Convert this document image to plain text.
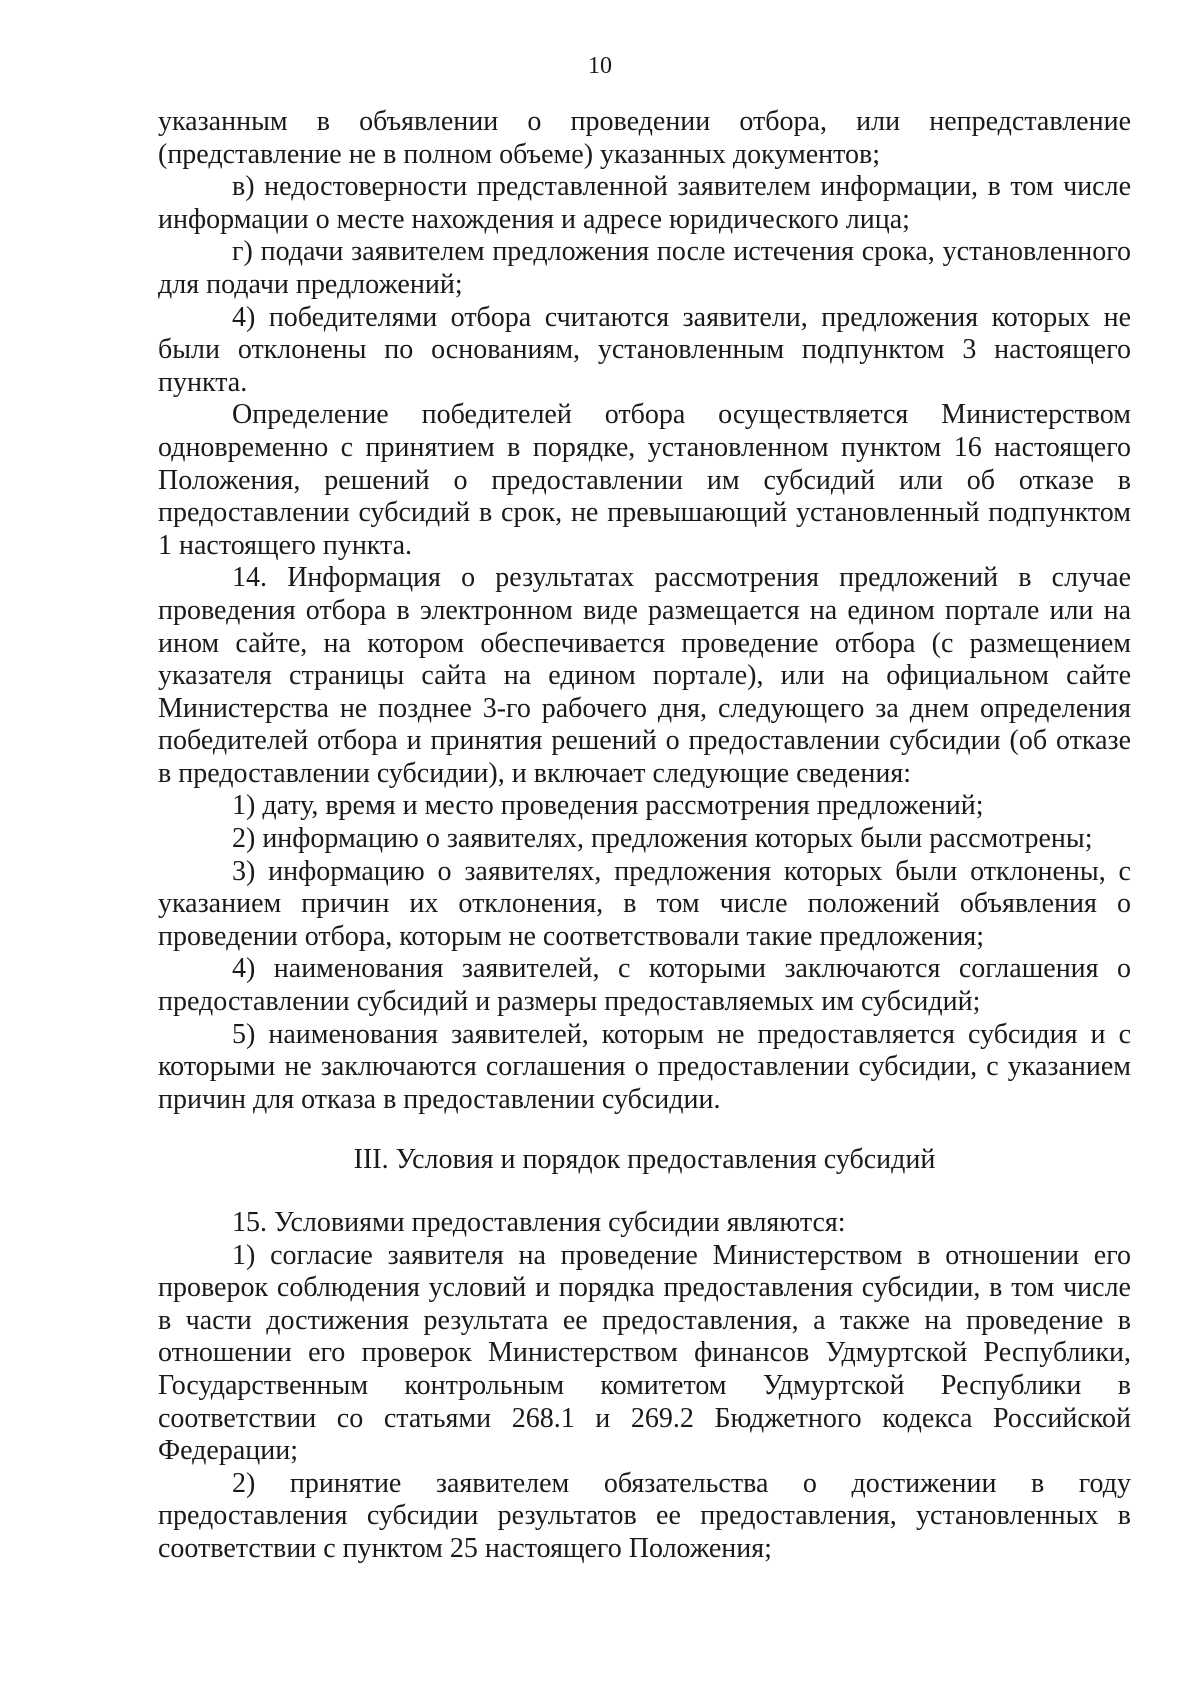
10

указанным в объявлении о проведении отбора, или непредставление (представление не в полном объеме) указанных документов;

в) недостоверности представленной заявителем информации, в том числе информации о месте нахождения и адресе юридического лица;

г) подачи заявителем предложения после истечения срока, установленного для подачи предложений;

4) победителями отбора считаются заявители, предложения которых не были отклонены по основаниям, установленным подпунктом 3 настоящего пункта.

Определение победителей отбора осуществляется Министерством одновременно с принятием в порядке, установленном пунктом 16 настоящего Положения, решений о предоставлении им субсидий или об отказе в предоставлении субсидий в срок, не превышающий установленный подпунктом 1 настоящего пункта.

14. Информация о результатах рассмотрения предложений в случае проведения отбора в электронном виде размещается на едином портале или на ином сайте, на котором обеспечивается проведение отбора (с размещением указателя страницы сайта на едином портале), или на официальном сайте Министерства не позднее 3-го рабочего дня, следующего за днем определения победителей отбора и принятия решений о предоставлении субсидии (об отказе в предоставлении субсидии), и включает следующие сведения:

1) дату, время и место проведения рассмотрения предложений;

2) информацию о заявителях, предложения которых были рассмотрены;

3) информацию о заявителях, предложения которых были отклонены, с указанием причин их отклонения, в том числе положений объявления о проведении отбора, которым не соответствовали такие предложения;

4) наименования заявителей, с которыми заключаются соглашения о предоставлении субсидий и размеры предоставляемых им субсидий;

5) наименования заявителей, которым не предоставляется субсидия и с которыми не заключаются соглашения о предоставлении субсидии, с указанием причин для отказа в предоставлении субсидии.

III. Условия и порядок предоставления субсидий

15. Условиями предоставления субсидии являются:

1) согласие заявителя на проведение Министерством в отношении его проверок соблюдения условий и порядка предоставления субсидии, в том числе в части достижения результата ее предоставления, а также на проведение в отношении его проверок Министерством финансов Удмуртской Республики, Государственным контрольным комитетом Удмуртской Республики в соответствии со статьями 268.1 и 269.2 Бюджетного кодекса Российской Федерации;

2) принятие заявителем обязательства о достижении в году предоставления субсидии результатов ее предоставления, установленных в соответствии с пунктом 25 настоящего Положения;
